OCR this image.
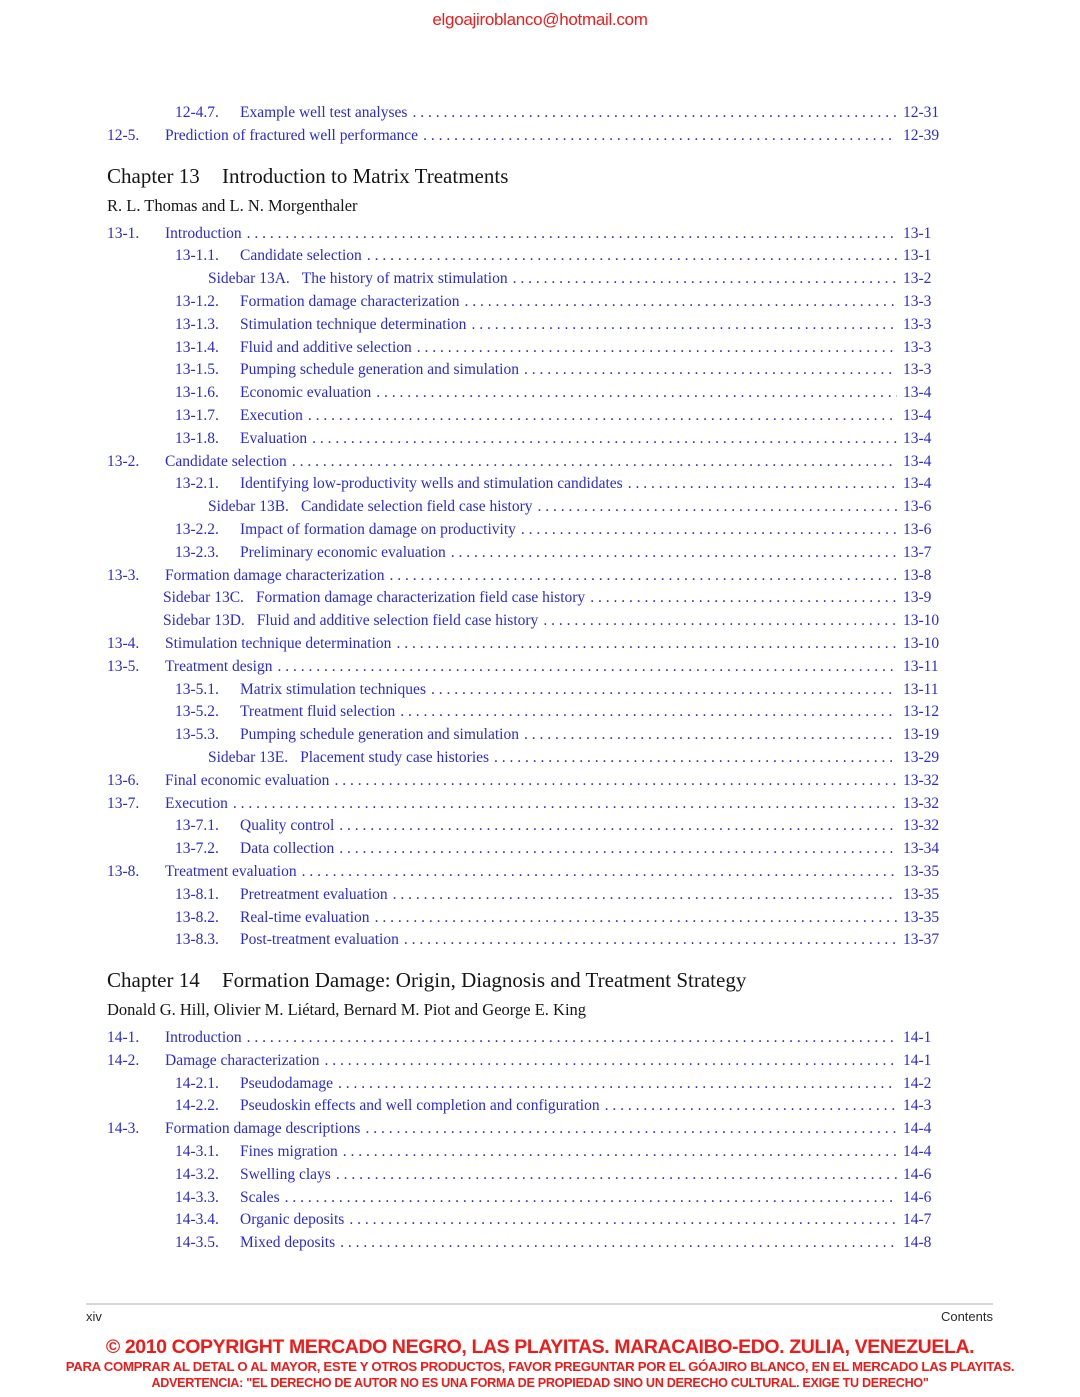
elgoajiroblanco@hotmail.com
12-4.7.	Example well test analyses . . .	12-31
12-5.	Prediction of fractured well performance . . .	12-39
Chapter 13 Introduction to Matrix Treatments

R. L. Thomas and L. N. Morgenthaler

13-1.	Introduction . . .	13-1
13-1.1.	Candidate selection . . .	13-1
Sidebar 13A. The history of matrix stimulation . . .	13-2
13-1.2.	Formation damage characterization . . .	13-3
13-1.3.	Stimulation technique determination . . .	13-3
13-1.4.	Fluid and additive selection . . .	13-3
13-1.5.	Pumping schedule generation and simulation . . .	13-3
13-1.6.	Economic evaluation . . .	13-4
13-1.7.	Execution . . .	13-4
13-1.8.	Evaluation . . .	13-4
13-2.	Candidate selection . . .	13-4
13-2.1.	Identifying low-productivity wells and stimulation candidates . . .	13-4
Sidebar 13B. Candidate selection field case history . . .	13-6
13-2.2.	Impact of formation damage on productivity . . .	13-6
13-2.3.	Preliminary economic evaluation . . .	13-7
13-3.	Formation damage characterization . . .	13-8
Sidebar 13C. Formation damage characterization field case history . . .	13-9
Sidebar 13D. Fluid and additive selection field case history . . .	13-10
13-4.	Stimulation technique determination . . .	13-10
13-5.	Treatment design . . .	13-11
13-5.1.	Matrix stimulation techniques . . .	13-11
13-5.2.	Treatment fluid selection . . .	13-12
13-5.3.	Pumping schedule generation and simulation . . .	13-19
Sidebar 13E. Placement study case histories . . .	13-29
13-6.	Final economic evaluation . . .	13-32
13-7.	Execution . . .	13-32
13-7.1.	Quality control . . .	13-32
13-7.2.	Data collection . . .	13-34
13-8.	Treatment evaluation . . .	13-35
13-8.1.	Pretreatment evaluation . . .	13-35
13-8.2.	Real-time evaluation . . .	13-35
13-8.3.	Post-treatment evaluation . . .	13-37
Chapter 14 Formation Damage: Origin, Diagnosis and Treatment Strategy

Donald G. Hill, Olivier M. Liétard, Bernard M. Piot and George E. King

14-1.	Introduction . . .	14-1
14-2.	Damage characterization . . .	14-1
14-2.1.	Pseudodamage . . .	14-2
14-2.2.	Pseudoskin effects and well completion and configuration . . .	14-3
14-3.	Formation damage descriptions . . .	14-4
14-3.1.	Fines migration . . .	14-4
14-3.2.	Swelling clays . . .	14-6
14-3.3.	Scales . . .	14-6
14-3.4.	Organic deposits . . .	14-7
14-3.5.	Mixed deposits . . .	14-8
xiv	Contents
© 2010 COPYRIGHT MERCADO NEGRO, LAS PLAYITAS. MARACAIBO-EDO. ZULIA, VENEZUELA.
PARA COMPRAR AL DETAL O AL MAYOR, ESTE Y OTROS PRODUCTOS, FAVOR PREGUNTAR POR EL GÓAJIRO BLANCO, EN EL MERCADO LAS PLAYITAS.
ADVERTENCIA: "EL DERECHO DE AUTOR NO ES UNA FORMA DE PROPIEDAD SINO UN DERECHO CULTURAL. EXIGE TU DERECHO"
